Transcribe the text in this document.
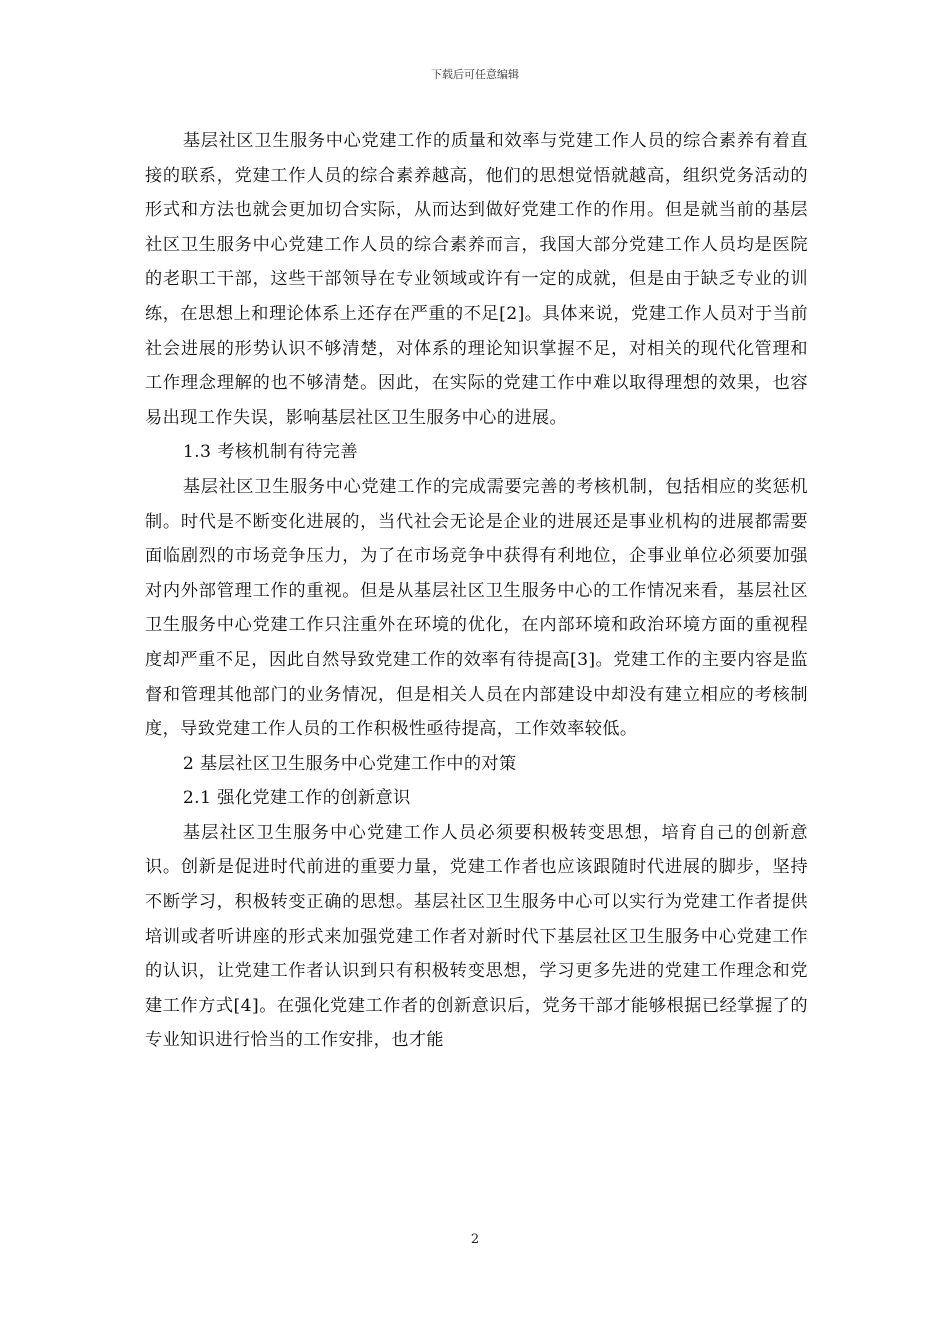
下载后可任意编辑

基层社区卫生服务中心党建工作的质量和效率与党建工作人员的综合素养有着直接的联系，党建工作人员的综合素养越高，他们的思想觉悟就越高，组织党务活动的形式和方法也就会更加切合实际，从而达到做好党建工作的作用。但是就当前的基层社区卫生服务中心党建工作人员的综合素养而言，我国大部分党建工作人员均是医院的老职工干部，这些干部领导在专业领域或许有一定的成就，但是由于缺乏专业的训练，在思想上和理论体系上还存在严重的不足[2]。具体来说，党建工作人员对于当前社会进展的形势认识不够清楚，对体系的理论知识掌握不足，对相关的现代化管理和工作理念理解的也不够清楚。因此，在实际的党建工作中难以取得理想的效果，也容易出现工作失误，影响基层社区卫生服务中心的进展。

1.3 考核机制有待完善

基层社区卫生服务中心党建工作的完成需要完善的考核机制，包括相应的奖惩机制。时代是不断变化进展的，当代社会无论是企业的进展还是事业机构的进展都需要面临剧烈的市场竞争压力，为了在市场竞争中获得有利地位，企事业单位必须要加强对内外部管理工作的重视。但是从基层社区卫生服务中心的工作情况来看，基层社区卫生服务中心党建工作只注重外在环境的优化，在内部环境和政治环境方面的重视程度却严重不足，因此自然导致党建工作的效率有待提高[3]。党建工作的主要内容是监督和管理其他部门的业务情况，但是相关人员在内部建设中却没有建立相应的考核制度，导致党建工作人员的工作积极性亟待提高，工作效率较低。

2 基层社区卫生服务中心党建工作中的对策

2.1 强化党建工作的创新意识

基层社区卫生服务中心党建工作人员必须要积极转变思想，培育自己的创新意识。创新是促进时代前进的重要力量，党建工作者也应该跟随时代进展的脚步，坚持不断学习，积极转变正确的思想。基层社区卫生服务中心可以实行为党建工作者提供培训或者听讲座的形式来加强党建工作者对新时代下基层社区卫生服务中心党建工作的认识，让党建工作者认识到只有积极转变思想，学习更多先进的党建工作理念和党建工作方式[4]。在强化党建工作者的创新意识后，党务干部才能够根据已经掌握了的专业知识进行恰当的工作安排，也才能

2
